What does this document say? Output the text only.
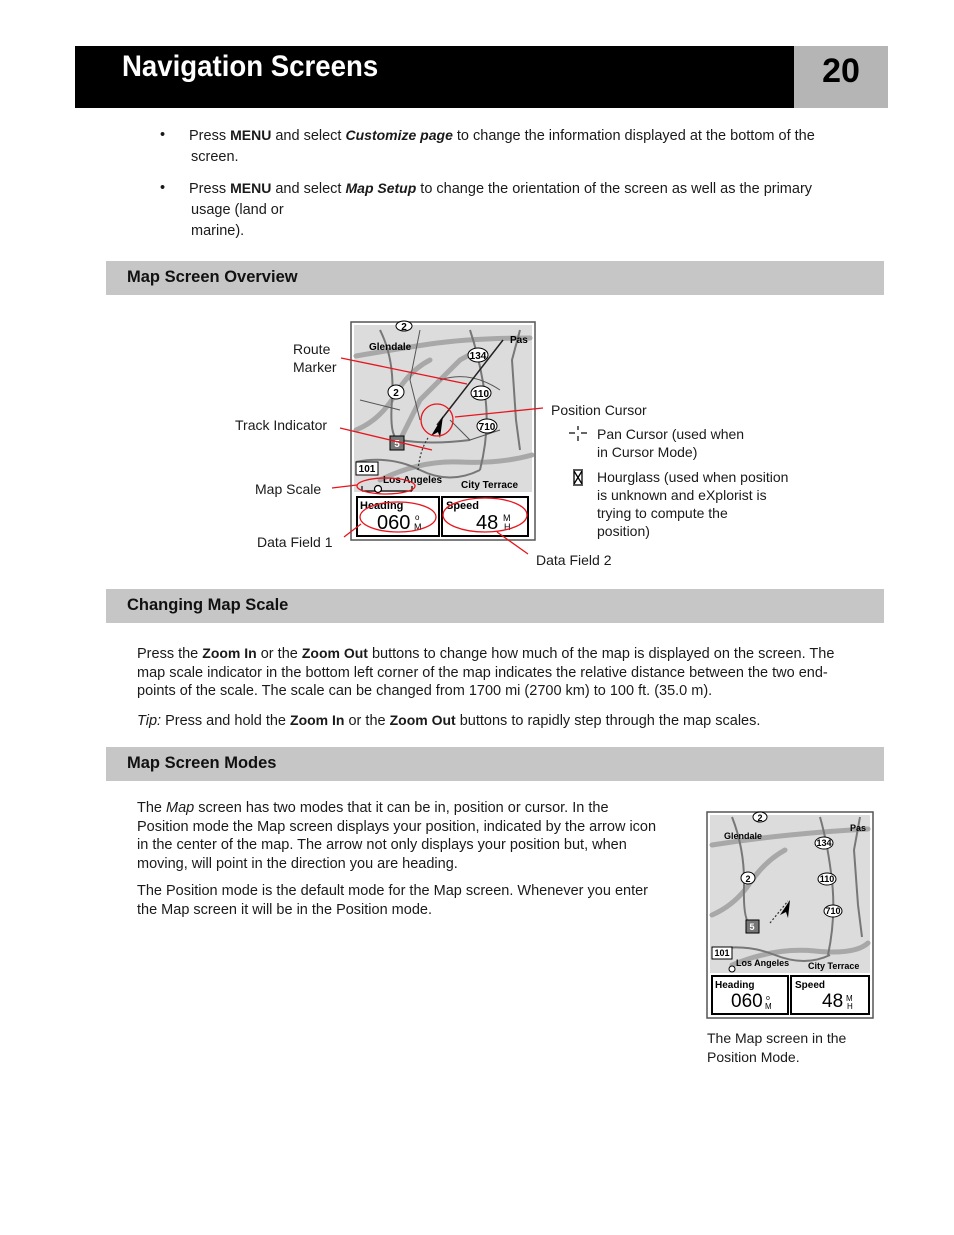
Navigation Screens	20
• Press MENU and select Customize page to change the information displayed at the bottom of the
screen.
• Press MENU and select Map Setup to change the orientation of the screen as well as the primary
usage (land or
marine).
Map Screen Overview
2
134
2	110
710
5
101
Glendale
Pas
Los Angeles City Terrace
Heading
060 o
M
Speed
48 M
H
Route
Marker
Track Indicator
Map Scale
Data Field 1
Data Field 2
Position Cursor
Pan Cursor (used when
in Cursor Mode)
Hourglass (used when position
is unknown and eXplorist is
trying to compute the
position)
Changing Map Scale

Press the Zoom In or the Zoom Out buttons to change how much of the map is displayed on the screen. The
map scale indicator in the bottom left corner of the map indicates the relative distance between the two end-
points of the scale. The scale can be changed from 1700 mi (2700 km) to 100 ft. (35.0 m).

Tip: Press and hold the Zoom In or the Zoom Out buttons to rapidly step through the map scales.

Map Screen Modes

The Map screen has two modes that it can be in, position or cursor. In the
Position mode the Map screen displays your position, indicated by the arrow icon
in the center of the map. The arrow not only displays your position but, when
moving, will point in the direction you are heading.

The Position mode is the default mode for the Map screen. Whenever you enter
the Map screen it will be in the Position mode.

2
134
2	110
710
5
101
Glendale
Pas
Los Angeles City Terrace
Heading
060 o
M
Speed
48 M
H
The Map screen in the
Position Mode.
